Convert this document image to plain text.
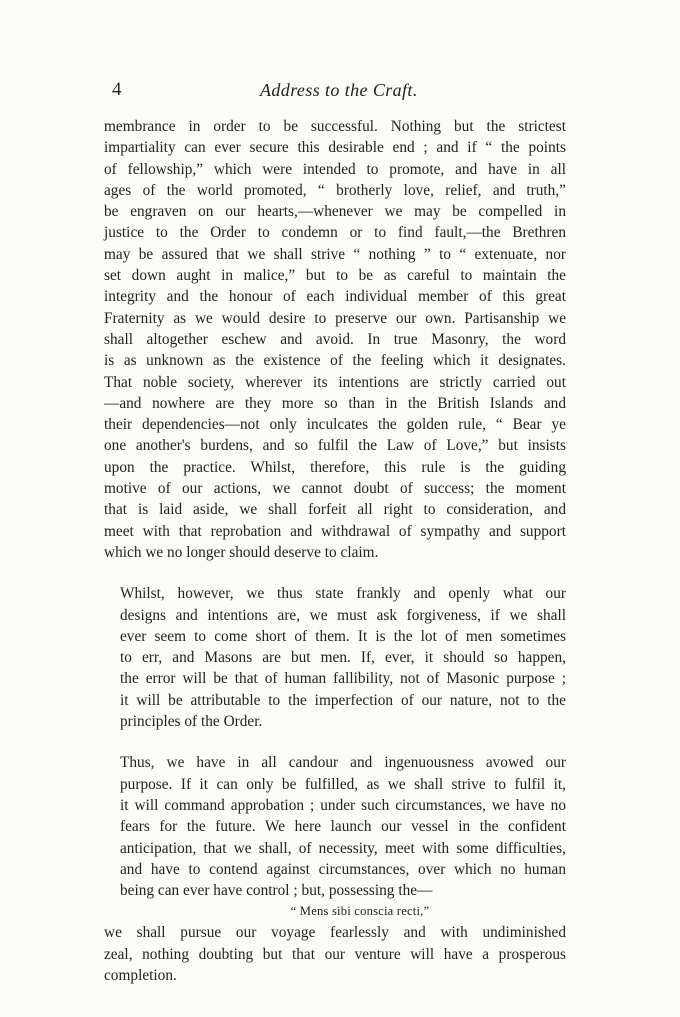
4	Address to the Craft.

membrance in order to be successful. Nothing but the strictest
impartiality can ever secure this desirable end ; and if “ the points
of fellowship,” which were intended to promote, and have in all
ages of the world promoted, “ brotherly love, relief, and truth,”
be engraven on our hearts,—whenever we may be compelled in
justice to the Order to condemn or to find fault,—the Brethren
may be assured that we shall strive “ nothing ” to “ extenuate, nor
set down aught in malice,” but to be as careful to maintain the
integrity and the honour of each individual member of this great
Fraternity as we would desire to preserve our own. Partisanship we
shall altogether eschew and avoid. In true Masonry, the word
is as unknown as the existence of the feeling which it designates.
That noble society, wherever its intentions are strictly carried out
—and nowhere are they more so than in the British Islands and
their dependencies—not only inculcates the golden rule, “ Bear ye
one another's burdens, and so fulfil the Law of Love,” but insists
upon the practice. Whilst, therefore, this rule is the guiding
motive of our actions, we cannot doubt of success; the moment
that is laid aside, we shall forfeit all right to consideration, and
meet with that reprobation and withdrawal of sympathy and support
which we no longer should deserve to claim.

Whilst, however, we thus state frankly and openly what our
designs and intentions are, we must ask forgiveness, if we shall
ever seem to come short of them. It is the lot of men sometimes
to err, and Masons are but men. If, ever, it should so happen,
the error will be that of human fallibility, not of Masonic purpose ;
it will be attributable to the imperfection of our nature, not to the
principles of the Order.

Thus, we have in all candour and ingenuousness avowed our
purpose. If it can only be fulfilled, as we shall strive to fulfil it,
it will command approbation ; under such circumstances, we have no
fears for the future. We here launch our vessel in the confident
anticipation, that we shall, of necessity, meet with some difficulties,
and have to contend against circumstances, over which no human
being can ever have control ; but, possessing the—

“ Mens sibi conscia recti,”

we shall pursue our voyage fearlessly and with undiminished
zeal, nothing doubting but that our venture will have a prosperous
completion.
